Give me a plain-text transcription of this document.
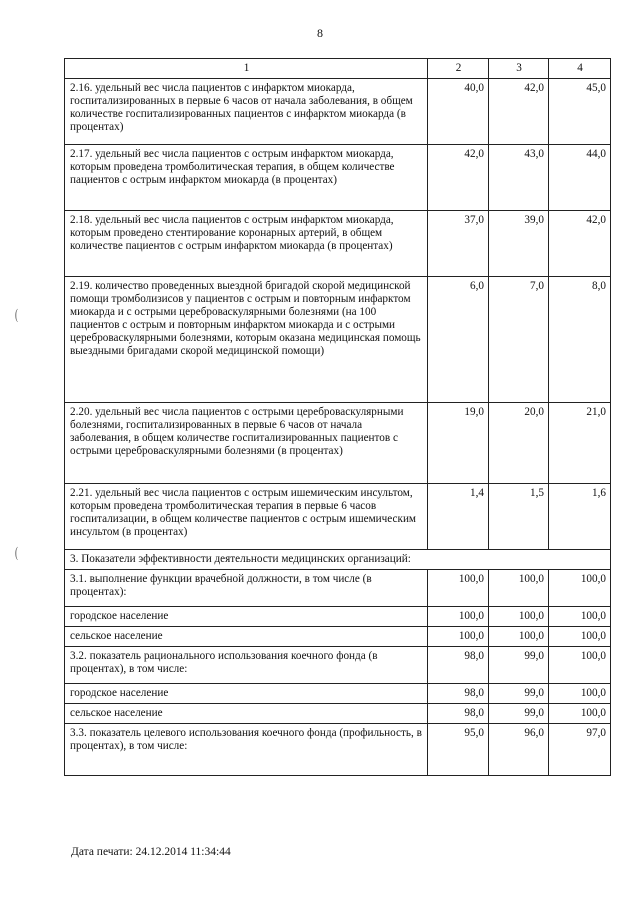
8
(
(
1	2	3	4
2.16. удельный вес числа пациентов с инфарктом миокарда, госпитализированных в первые 6 часов от начала заболевания, в общем количестве госпитализированных пациентов с инфарктом миокарда (в процентах)	40,0	42,0	45,0
2.17. удельный вес числа пациентов с острым инфарктом миокарда, которым проведена тромболитическая терапия, в общем количестве пациентов с острым инфарктом миокарда (в процентах)	42,0	43,0	44,0
2.18. удельный вес числа пациентов с острым инфарктом миокарда, которым проведено стентирование коронарных артерий, в общем количестве пациентов с острым инфарктом миокарда (в процентах)	37,0	39,0	42,0
2.19. количество проведенных выездной бригадой скорой медицинской помощи тромболизисов у пациентов с острым и повторным инфарктом миокарда и с острыми цереброваскулярными болезнями (на 100 пациентов с острым и повторным инфарктом миокарда и с острыми цереброваскулярными болезнями, которым оказана медицинская помощь выездными бригадами скорой медицинской помощи)	6,0	7,0	8,0
2.20. удельный вес числа пациентов с острыми цереброваскулярными болезнями, госпитализированных в первые 6 часов от начала заболевания, в общем количестве госпитализированных пациентов с острыми цереброваскулярными болезнями (в процентах)	19,0	20,0	21,0
2.21. удельный вес числа пациентов с острым ишемическим инсультом, которым проведена тромболитическая терапия в первые 6 часов госпитализации, в общем количестве пациентов с острым ишемическим инсультом (в процентах)	1,4	1,5	1,6
3. Показатели эффективности деятельности медицинских организаций:			
3.1. выполнение функции врачебной должности, в том числе (в процентах):	100,0	100,0	100,0
городское население	100,0	100,0	100,0
сельское население	100,0	100,0	100,0
3.2. показатель рационального использования коечного фонда (в процентах), в том числе:	98,0	99,0	100,0
городское население	98,0	99,0	100,0
сельское население	98,0	99,0	100,0
3.3. показатель целевого использования коечного фонда (профильность, в процентах), в том числе:	95,0	96,0	97,0
Дата печати: 24.12.2014 11:34:44
